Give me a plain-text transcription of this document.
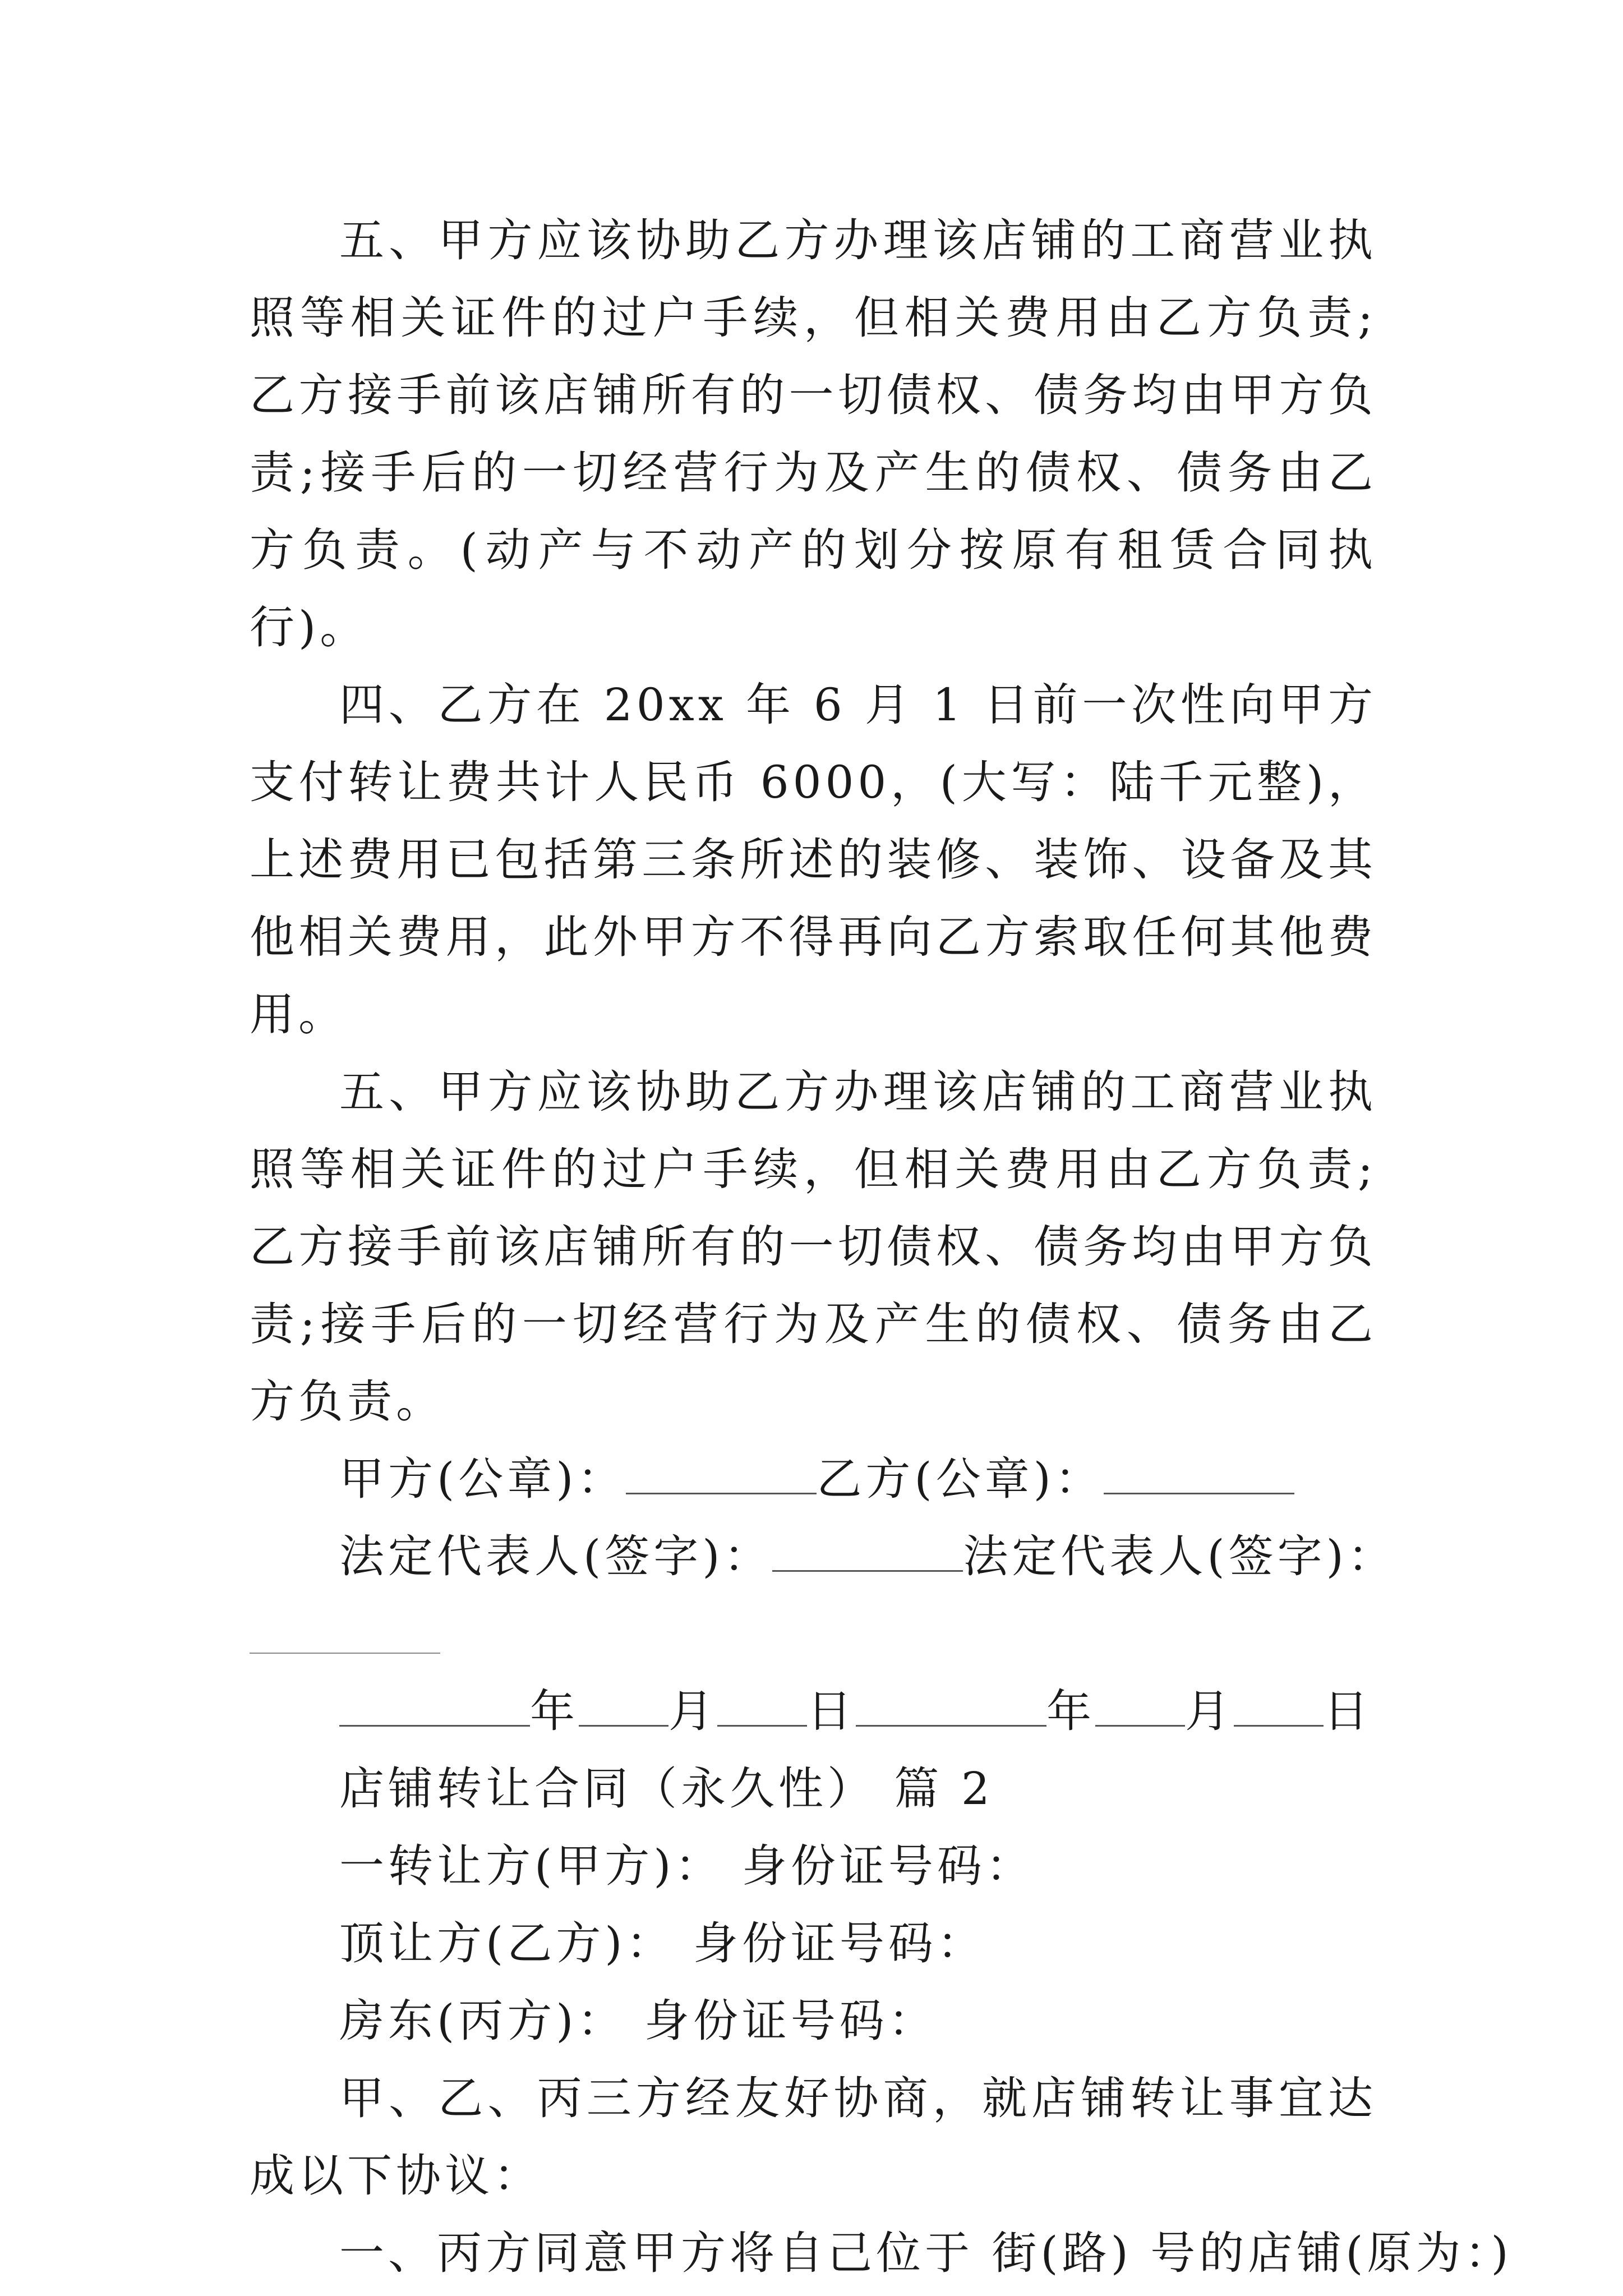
五、甲方应该协助乙方办理该店铺的工商营业执照等相关证件的过户手续，但相关费用由乙方负责;乙方接手前该店铺所有的一切债权、债务均由甲方负责;接手后的一切经营行为及产生的债权、债务由乙方负责。(动产与不动产的划分按原有租赁合同执行)。

四、乙方在 20xx 年 6 月 1 日前一次性向甲方支付转让费共计人民币 6000，(大写：陆千元整)，上述费用已包括第三条所述的装修、装饰、设备及其他相关费用，此外甲方不得再向乙方索取任何其他费用。

五、甲方应该协助乙方办理该店铺的工商营业执照等相关证件的过户手续，但相关费用由乙方负责;乙方接手前该店铺所有的一切债权、债务均由甲方负责;接手后的一切经营行为及产生的债权、债务由乙方负责。

甲方(公章)：	乙方(公章)：

法定代表人(签字)：	法定代表人(签字)：

年 月 日	年 月 日

店铺转让合同（永久性） 篇 2

一转让方(甲方)： 身份证号码：

顶让方(乙方)： 身份证号码：

房东(丙方)： 身份证号码：

甲、乙、丙三方经友好协商，就店铺转让事宜达成以下协议：

一、丙方同意甲方将自己位于 街(路) 号的店铺(原为：)
